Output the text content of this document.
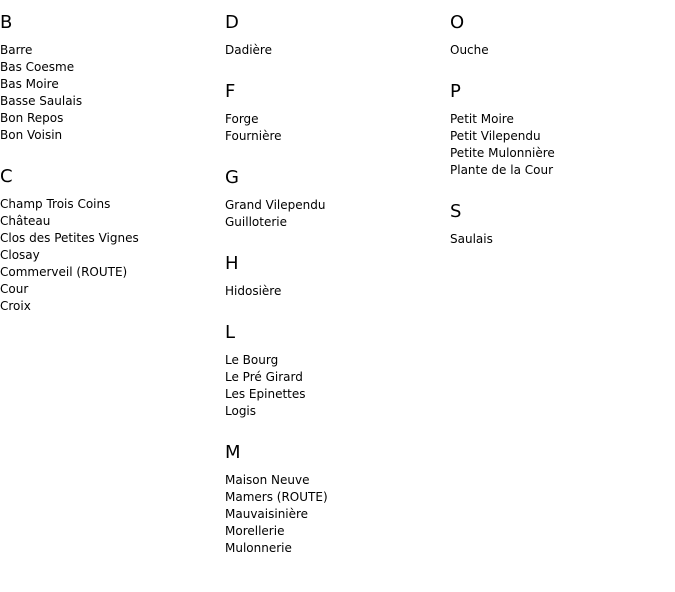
B
Barre
Bas Coesme
Bas Moire
Basse Saulais
Bon Repos
Bon Voisin
C
Champ Trois Coins
Château
Clos des Petites Vignes
Closay
Commerveil (ROUTE)
Cour
Croix
D
Dadière
F
Forge
Fournière
G
Grand Vilependu
Guilloterie
H
Hidosière
L
Le Bourg
Le Pré Girard
Les Epinettes
Logis
M
Maison Neuve
Mamers (ROUTE)
Mauvaisinière
Morellerie
Mulonnerie
O
Ouche
P
Petit Moire
Petit Vilependu
Petite Mulonnière
Plante de la Cour
S
Saulais
